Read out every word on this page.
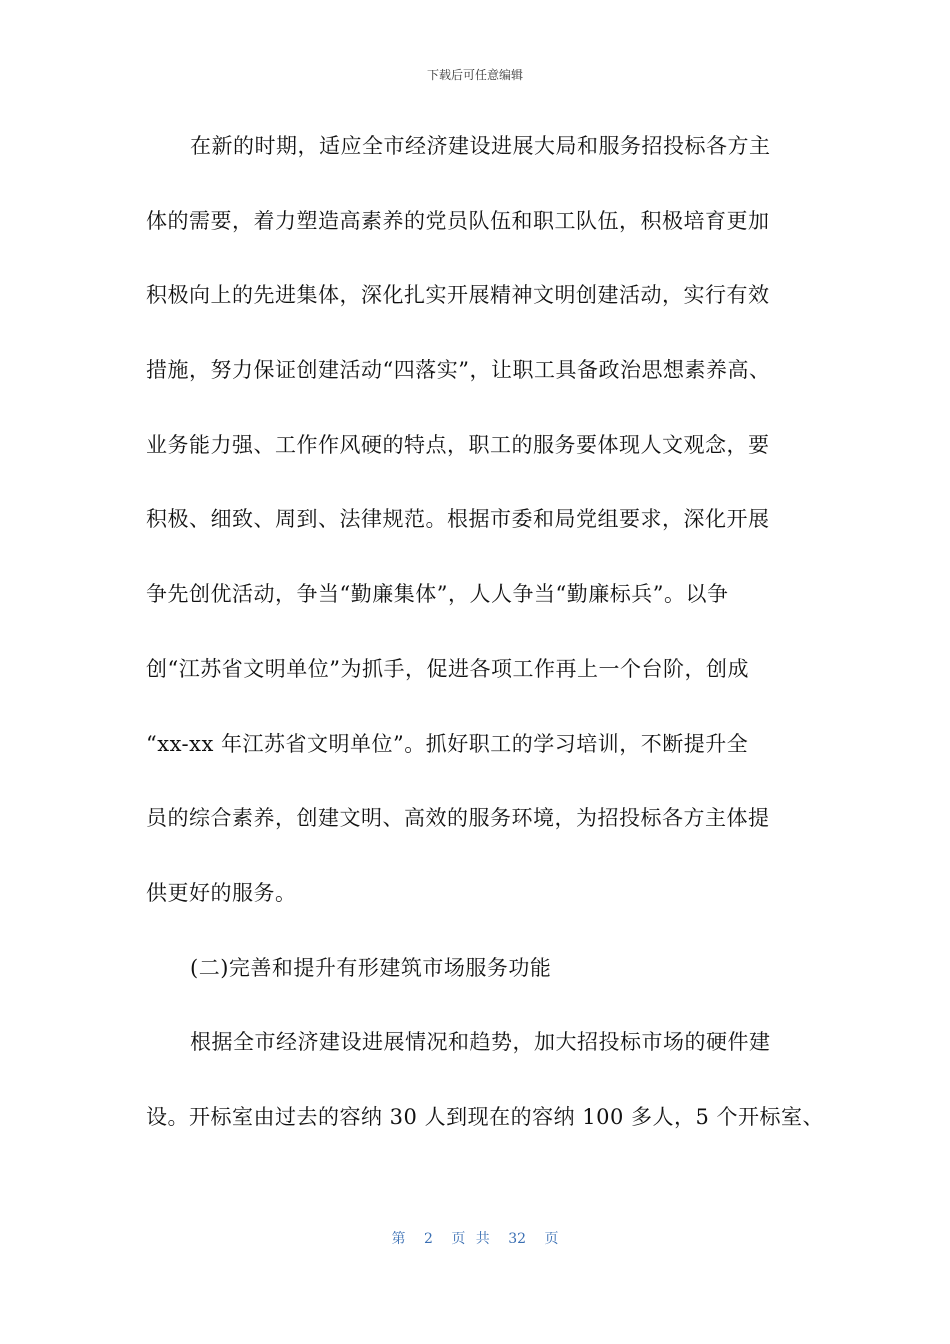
下载后可任意编辑
在新的时期，适应全市经济建设进展大局和服务招投标各方主
体的需要，着力塑造高素养的党员队伍和职工队伍，积极培育更加
积极向上的先进集体，深化扎实开展精神文明创建活动，实行有效
措施，努力保证创建活动“四落实”，让职工具备政治思想素养高、
业务能力强、工作作风硬的特点，职工的服务要体现人文观念，要
积极、细致、周到、法律规范。根据市委和局党组要求，深化开展
争先创优活动，争当“勤廉集体”，人人争当“勤廉标兵”。以争
创“江苏省文明单位”为抓手，促进各项工作再上一个台阶，创成
“xx-xx 年江苏省文明单位”。抓好职工的学习培训，不断提升全
员的综合素养，创建文明、高效的服务环境，为招投标各方主体提
供更好的服务。
(二)完善和提升有形建筑市场服务功能
根据全市经济建设进展情况和趋势，加大招投标市场的硬件建
设。开标室由过去的容纳 30 人到现在的容纳 100 多人，5 个开标室、
第 2 页 共 32 页
